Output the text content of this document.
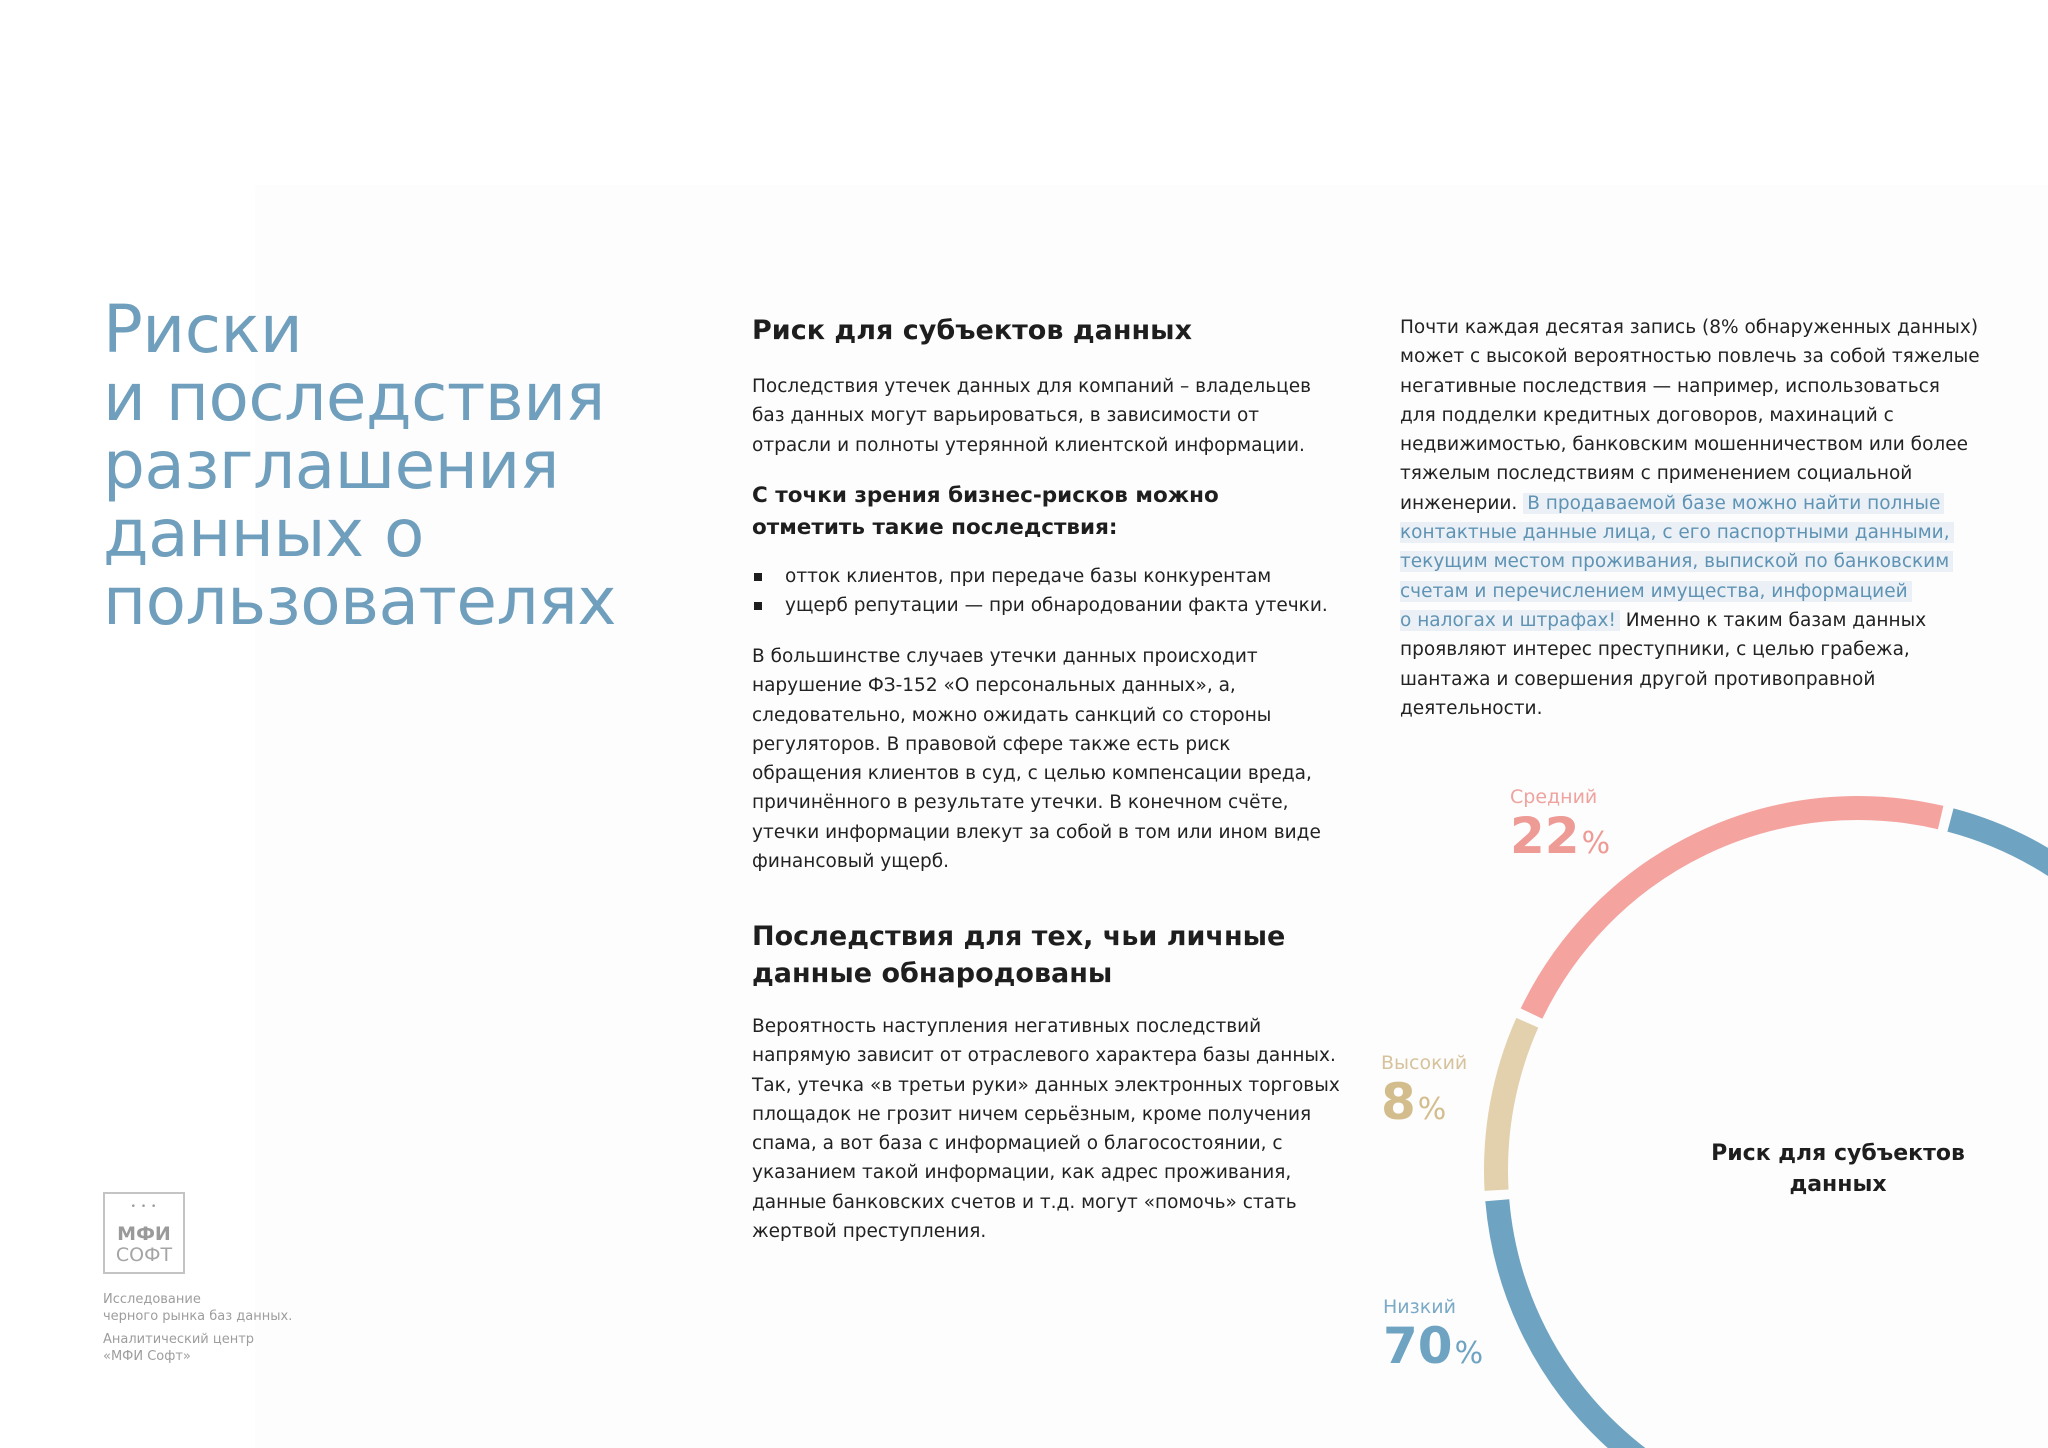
Риски
и последствия
разглашения
данных о
пользователях
Риск для субъектов данных

Последствия утечек данных для компаний – владельцев
баз данных могут варьироваться, в зависимости от
отрасли и полноты утерянной клиентской информации.

С точки зрения бизнес-рисков можно
отметить такие последствия:
отток клиентов, при передаче базы конкурентам
ущерб репутации — при обнародовании факта утечки.

В большинстве случаев утечки данных происходит
нарушение ФЗ-152 «О персональных данных», а,
следовательно, можно ожидать санкций со стороны
регуляторов. В правовой сфере также есть риск
обращения клиентов в суд, с целью компенсации вреда,
причинённого в результате утечки. В конечном счёте,
утечки информации влекут за собой в том или ином виде
финансовый ущерб.

Последствия для тех, чьи личные
данные обнародованы

Вероятность наступления негативных последствий
напрямую зависит от отраслевого характера базы данных.
Так, утечка «в третьи руки» данных электронных торговых
площадок не грозит ничем серьёзным, кроме получения
спама, а вот база с информацией о благосостоянии, с
указанием такой информации, как адрес проживания,
данные банковских счетов и т.д. могут «помочь» стать
жертвой преступления.

Почти каждая десятая запись (8% обнаруженных данных)
может с высокой вероятностью повлечь за собой тяжелые
негативные последствия — например, использоваться
для подделки кредитных договоров, махинаций с
недвижимостью, банковским мошенничеством или более
тяжелым последствиям с применением социальной
инженерии. В продаваемой базе можно найти полные
контактные данные лица, с его паспортными данными,
текущим местом проживания, выпиской по банковским
счетам и перечислением имущества, информацией
о налогах и штрафах! Именно к таким базам данных
проявляют интерес преступники, с целью грабежа,
шантажа и совершения другой противоправной
деятельности.

Средний
22%
Высокий
8%
Низкий
70%
Риск для субъектов
данных
• • •
МФИ
СОФТ
Исследование
черного рынка баз данных.
Аналитический центр
«МФИ Софт»
